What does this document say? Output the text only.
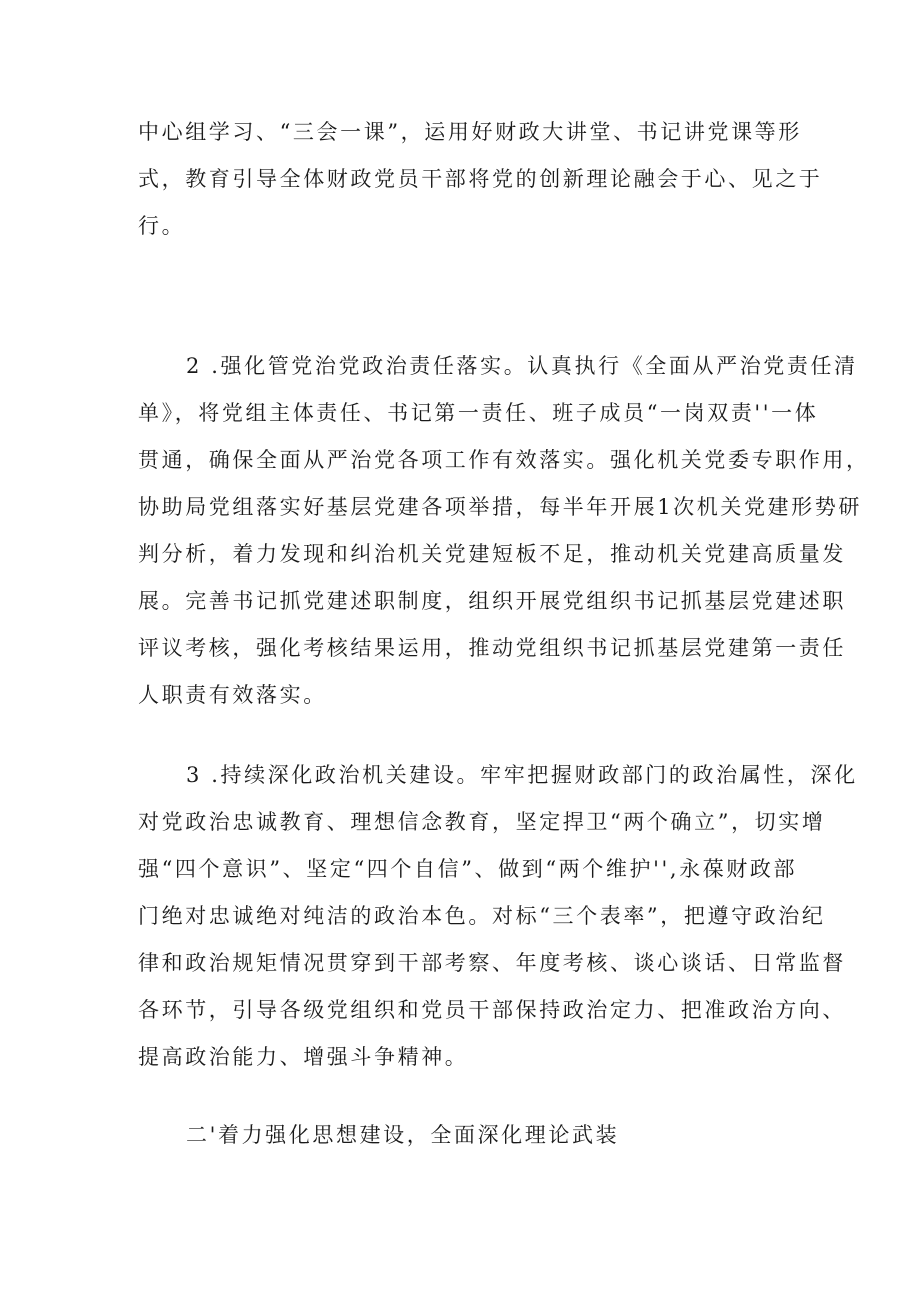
中心组学习、“三会一课”，运用好财政大讲堂、书记讲党课等形
式，教育引导全体财政党员干部将党的创新理论融会于心、见之于
行。
2 .强化管党治党政治责任落实。认真执行《全面从严治党责任清
单》，将党组主体责任、书记第一责任、班子成员“一岗双责''一体
贯通，确保全面从严治党各项工作有效落实。强化机关党委专职作用，
协助局党组落实好基层党建各项举措，每半年开展1次机关党建形势研
判分析，着力发现和纠治机关党建短板不足，推动机关党建高质量发
展。完善书记抓党建述职制度，组织开展党组织书记抓基层党建述职
评议考核，强化考核结果运用，推动党组织书记抓基层党建第一责任
人职责有效落实。
3 .持续深化政治机关建设。牢牢把握财政部门的政治属性，深化
对党政治忠诚教育、理想信念教育，坚定捍卫“两个确立”，切实增
强“四个意识”、坚定“四个自信”、做到“两个维护'',永葆财政部
门绝对忠诚绝对纯洁的政治本色。对标“三个表率”，把遵守政治纪
律和政治规矩情况贯穿到干部考察、年度考核、谈心谈话、日常监督
各环节，引导各级党组织和党员干部保持政治定力、把准政治方向、
提高政治能力、增强斗争精神。
二'着力强化思想建设，全面深化理论武装
